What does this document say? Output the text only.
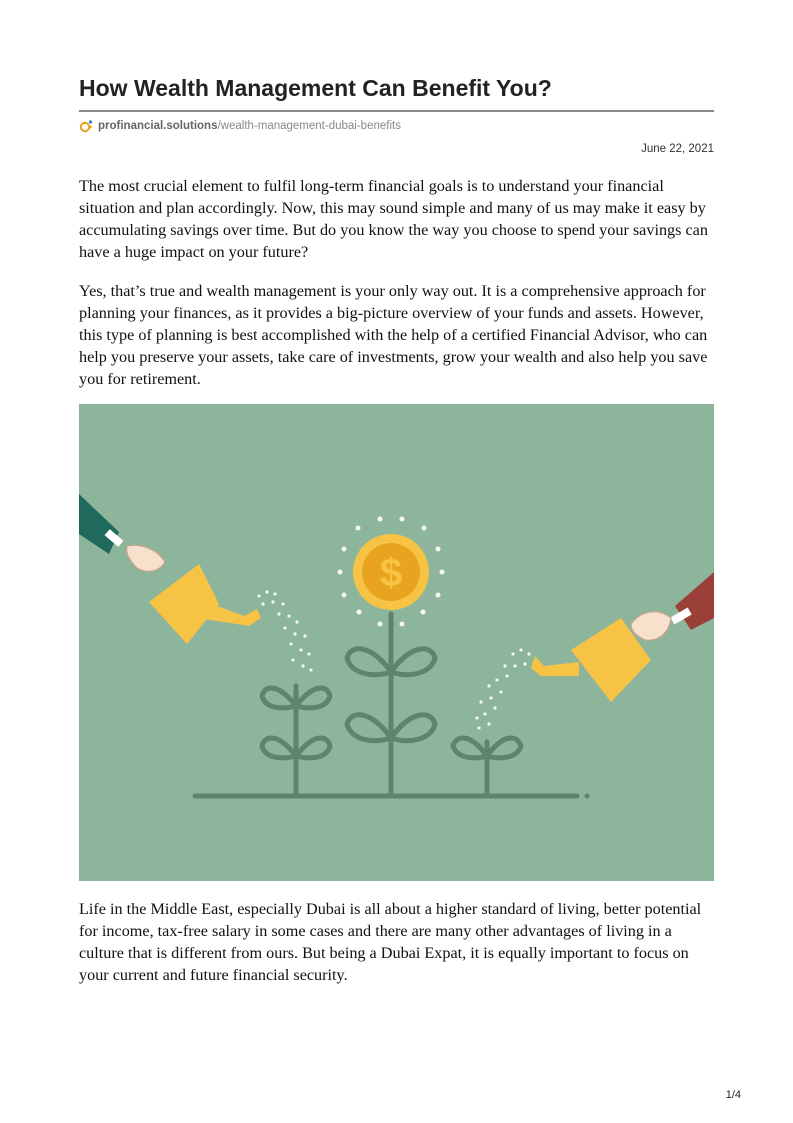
How Wealth Management Can Benefit You?
profinancial.solutions/wealth-management-dubai-benefits
June 22, 2021

The most crucial element to fulfil long-term financial goals is to understand your financial situation and plan accordingly. Now, this may sound simple and many of us may make it easy by accumulating savings over time. But do you know the way you choose to spend your savings can have a huge impact on your future?

Yes, that’s true and wealth management is your only way out. It is a comprehensive approach for planning your finances, as it provides a big-picture overview of your funds and assets. However, this type of planning is best accomplished with the help of a certified Financial Advisor, who can help you preserve your assets, take care of investments, grow your wealth and also help you save you for retirement.

$

Life in the Middle East, especially Dubai is all about a higher standard of living, better potential for income, tax-free salary in some cases and there are many other advantages of living in a culture that is different from ours. But being a Dubai Expat, it is equally important to focus on your current and future financial security.

1/4
